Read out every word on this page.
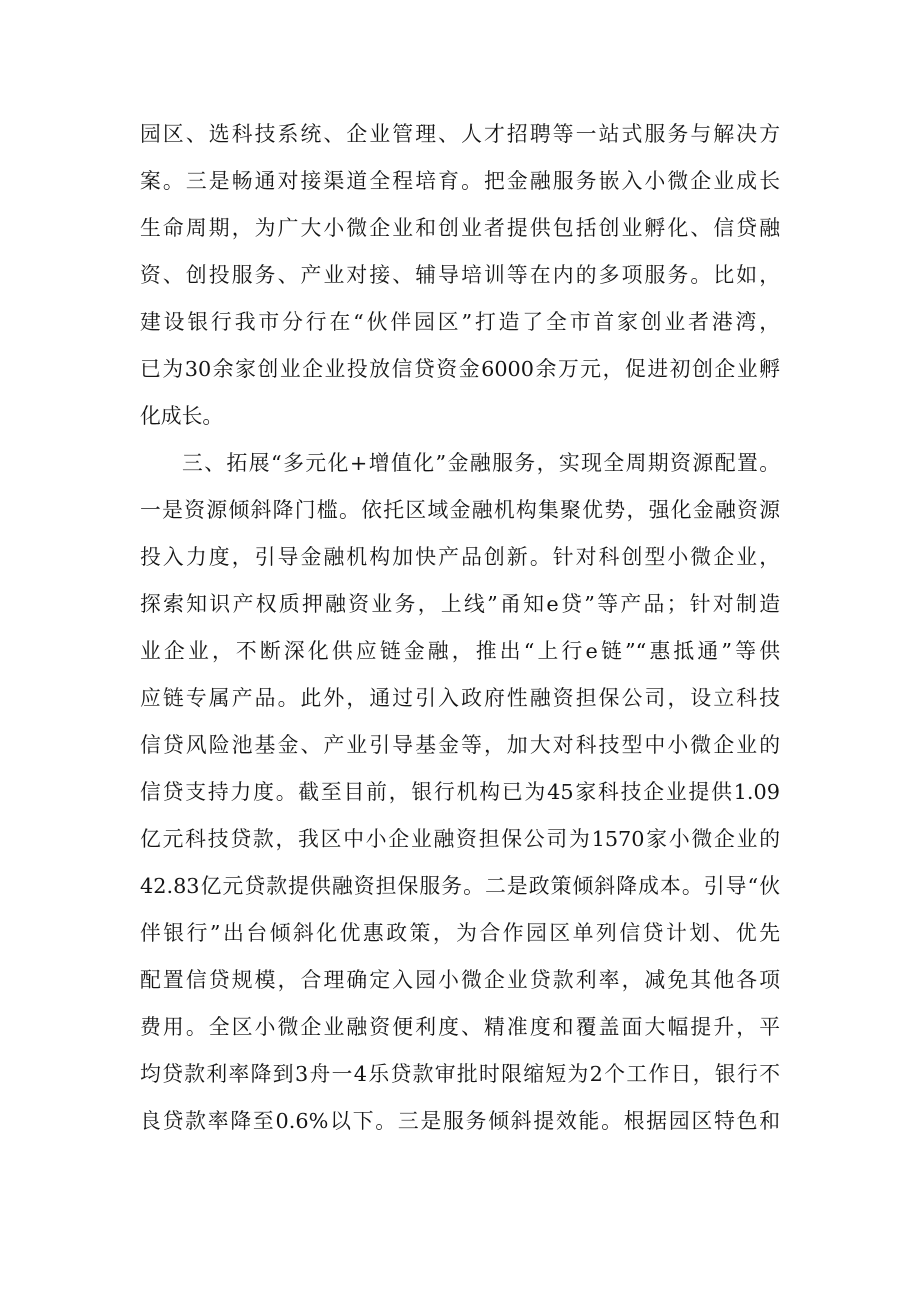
园区、选科技系统、企业管理、人才招聘等一站式服务与解决方
案。三是畅通对接渠道全程培育。把金融服务嵌入小微企业成长
生命周期，为广大小微企业和创业者提供包括创业孵化、信贷融
资、创投服务、产业对接、辅导培训等在内的多项服务。比如，
建设银行我市分行在“伙伴园区”打造了全市首家创业者港湾，
已为30余家创业企业投放信贷资金6000余万元，促进初创企业孵
化成长。
三、拓展“多元化+增值化”金融服务，实现全周期资源配置。
一是资源倾斜降门槛。依托区域金融机构集聚优势，强化金融资源
投入力度，引导金融机构加快产品创新。针对科创型小微企业，
探索知识产权质押融资业务，上线”甬知e贷”等产品；针对制造
业企业，不断深化供应链金融，推出“上行e链”“惠抵通”等供
应链专属产品。此外，通过引入政府性融资担保公司，设立科技
信贷风险池基金、产业引导基金等，加大对科技型中小微企业的
信贷支持力度。截至目前，银行机构已为45家科技企业提供1.09
亿元科技贷款，我区中小企业融资担保公司为1570家小微企业的
42.83亿元贷款提供融资担保服务。二是政策倾斜降成本。引导“伙
伴银行”出台倾斜化优惠政策，为合作园区单列信贷计划、优先
配置信贷规模，合理确定入园小微企业贷款利率，减免其他各项
费用。全区小微企业融资便利度、精准度和覆盖面大幅提升，平
均贷款利率降到3舟一4乐贷款审批时限缩短为2个工作日，银行不
良贷款率降至0.6%以下。三是服务倾斜提效能。根据园区特色和
